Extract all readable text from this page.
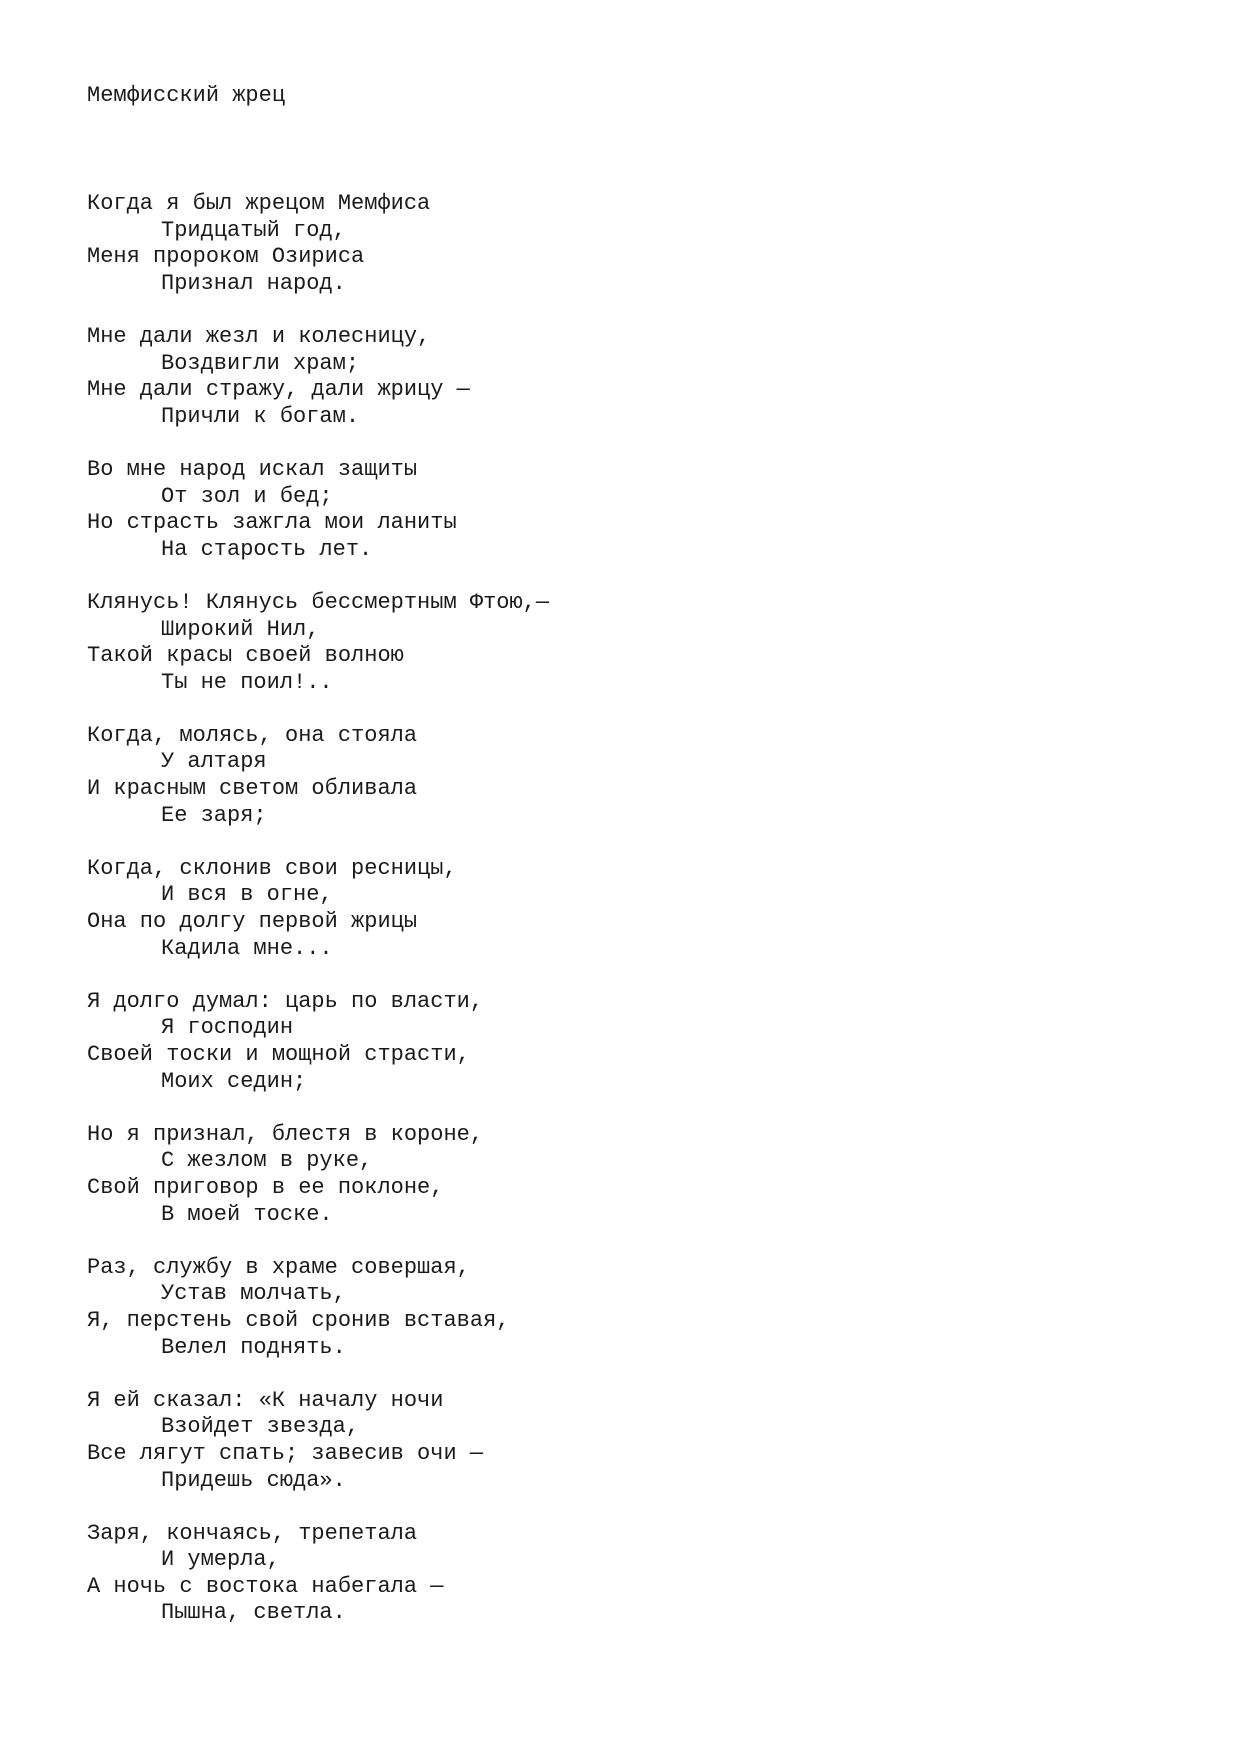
Мемфисский жрец
Когда я был жрецом Мемфиса
Тридцатый год,
Меня пророком Озириса
Признал народ.
Мне дали жезл и колесницу,
Воздвигли храм;
Мне дали стражу, дали жрицу —
Причли к богам.
Во мне народ искал защиты
От зол и бед;
Но страсть зажгла мои ланиты
На старость лет.
Клянусь! Клянусь бессмертным Фтою,—
Широкий Нил,
Такой красы своей волною
Ты не поил!..
Когда, молясь, она стояла
У алтаря
И красным светом обливала
Ее заря;
Когда, склонив свои ресницы,
И вся в огне,
Она по долгу первой жрицы
Кадила мне...
Я долго думал: царь по власти,
Я господин
Своей тоски и мощной страсти,
Моих седин;
Но я признал, блестя в короне,
С жезлом в руке,
Свой приговор в ее поклоне,
В моей тоске.
Раз, службу в храме совершая,
Устав молчать,
Я, перстень свой сронив вставая,
Велел поднять.
Я ей сказал: «К началу ночи
Взойдет звезда,
Все лягут спать; завесив очи —
Придешь сюда».
Заря, кончаясь, трепетала
И умерла,
А ночь с востока набегала —
Пышна, светла.
